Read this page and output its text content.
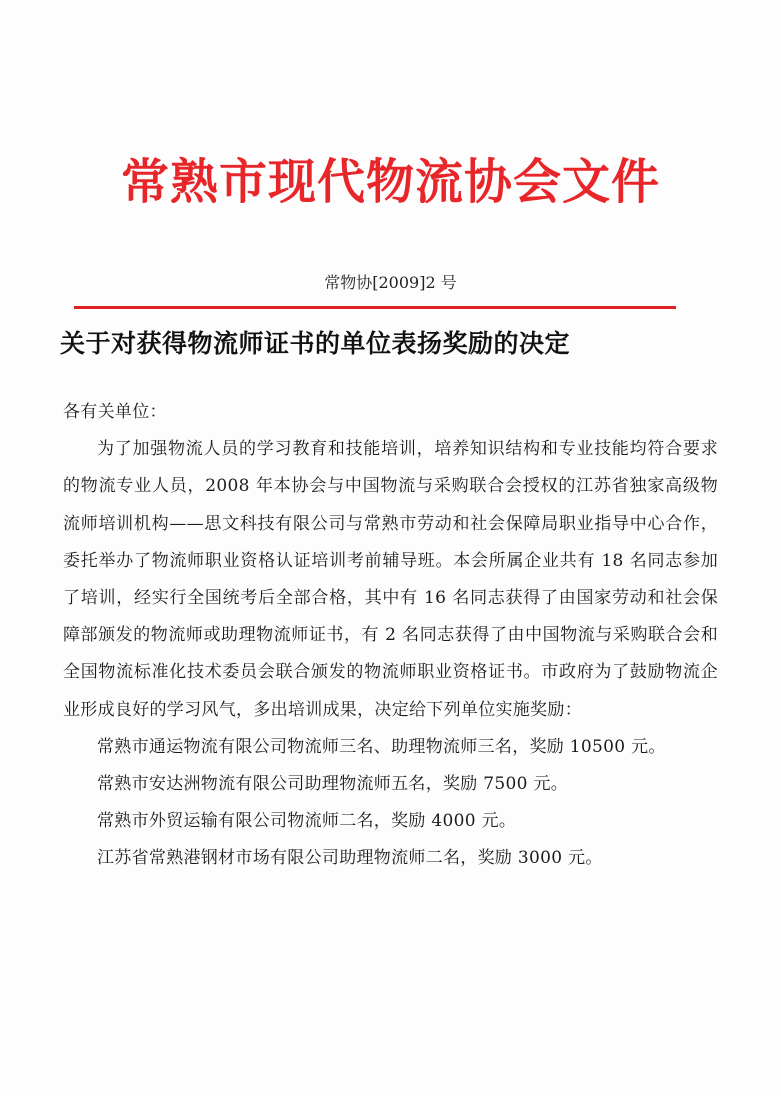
常熟市现代物流协会文件
常物协[2009]2 号
关于对获得物流师证书的单位表扬奖励的决定

各有关单位：

为了加强物流人员的学习教育和技能培训，培养知识结构和专业技能均符合要求的物流专业人员，2008 年本协会与中国物流与采购联合会授权的江苏省独家高级物流师培训机构——思文科技有限公司与常熟市劳动和社会保障局职业指导中心合作，委托举办了物流师职业资格认证培训考前辅导班。本会所属企业共有 18 名同志参加了培训，经实行全国统考后全部合格，其中有 16 名同志获得了由国家劳动和社会保障部颁发的物流师或助理物流师证书，有 2 名同志获得了由中国物流与采购联合会和全国物流标准化技术委员会联合颁发的物流师职业资格证书。市政府为了鼓励物流企业形成良好的学习风气，多出培训成果，决定给下列单位实施奖励：

常熟市通运物流有限公司物流师三名、助理物流师三名，奖励 10500 元。

常熟市安达洲物流有限公司助理物流师五名，奖励 7500 元。

常熟市外贸运输有限公司物流师二名，奖励 4000 元。

江苏省常熟港钢材市场有限公司助理物流师二名，奖励 3000 元。
